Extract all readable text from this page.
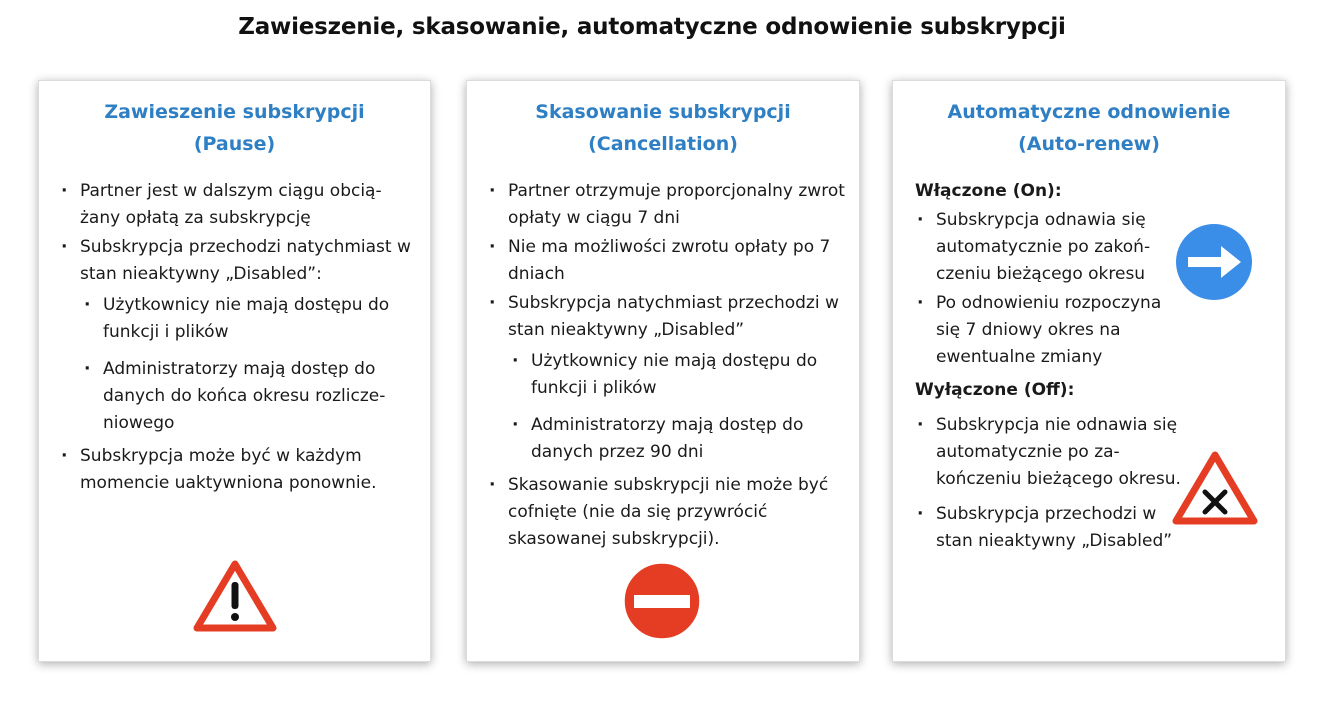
Zawieszenie, skasowanie, automatyczne odnowienie subskrypcji
Zawieszenie subskrypcji
(Pause)
· Partner jest w dalszym ciągu obcią-żany opłatą za subskrypcję
· Subskrypcja przechodzi natychmiast w stan nieaktywny „Disabled”:
· Użytkownicy nie mają dostępu do funkcji i plików
· Administratorzy mają dostęp do danych do końca okresu rozlicze-niowego
· Subskrypcja może być w każdym momencie uaktywniona ponownie.
Skasowanie subskrypcji
(Cancellation)
· Partner otrzymuje proporcjonalny zwrot opłaty w ciągu 7 dni
· Nie ma możliwości zwrotu opłaty po 7 dniach
· Subskrypcja natychmiast przechodzi w stan nieaktywny „Disabled”
· Użytkownicy nie mają dostępu do funkcji i plików
· Administratorzy mają dostęp do danych przez 90 dni
· Skasowanie subskrypcji nie może być cofnięte (nie da się przywrócić skasowanej subskrypcji).
Automatyczne odnowienie
(Auto-renew)
Włączone (On):
· Subskrypcja odnawia się automatycznie po zakoń-czeniu bieżącego okresu
· Po odnowieniu rozpoczyna się 7 dniowy okres na ewentualne zmiany
Wyłączone (Off):
· Subskrypcja nie odnawia się automatycznie po za-kończeniu bieżącego okresu.
· Subskrypcja przechodzi w stan nieaktywny „Disabled”
